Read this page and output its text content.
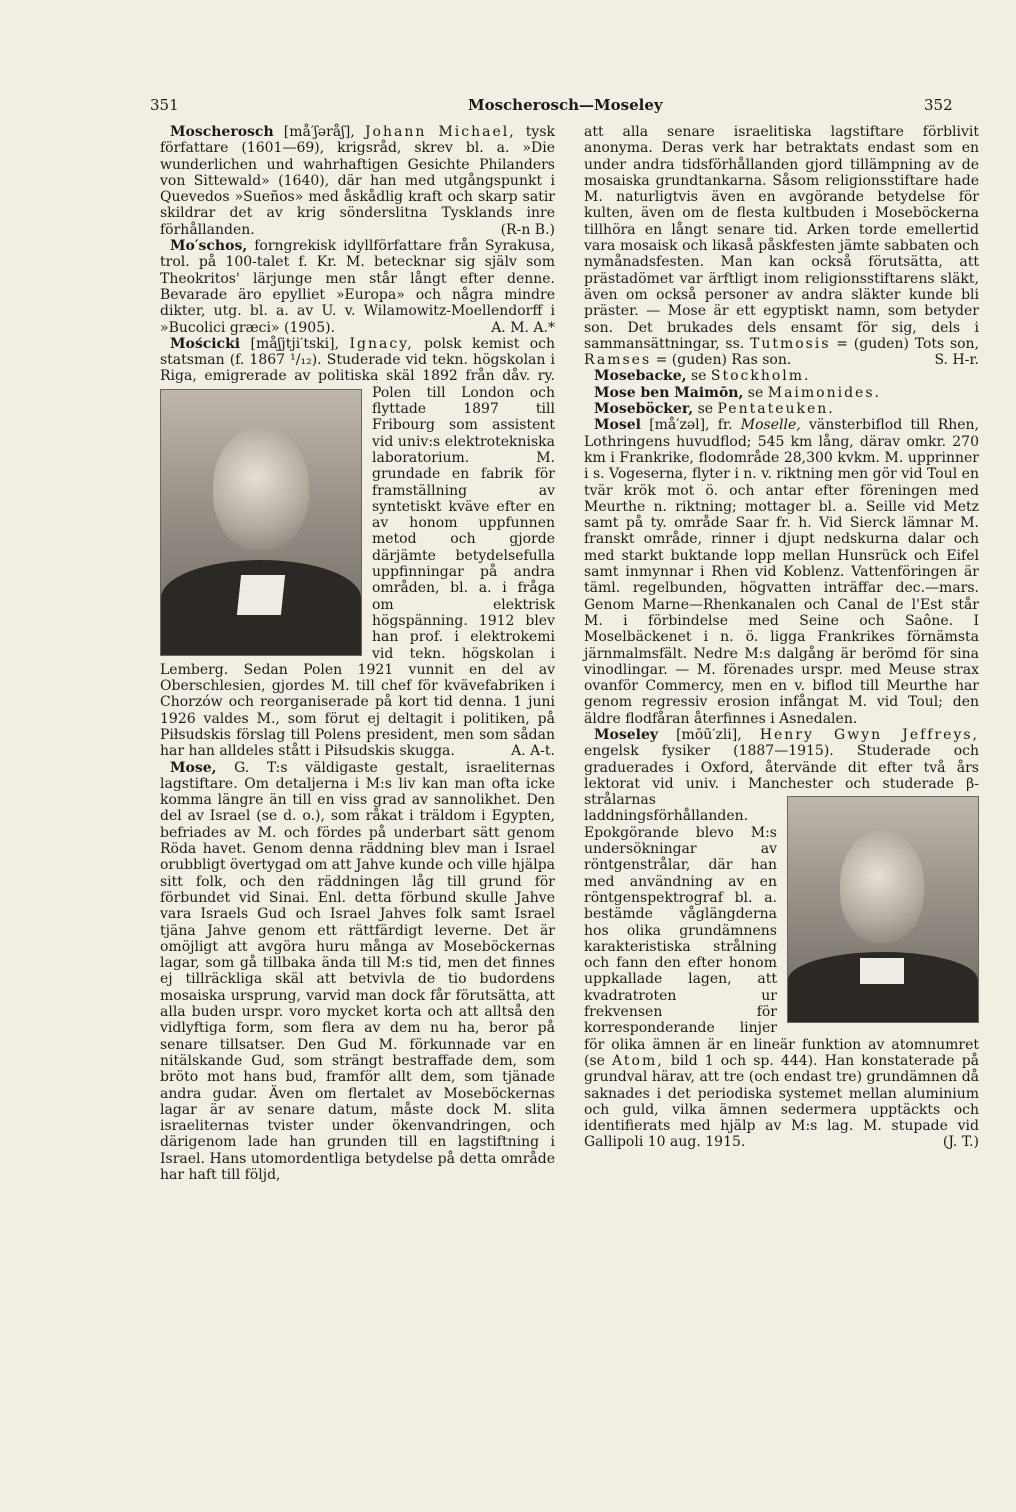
351	Moscherosch—Moseley	352

Moscherosch [må′ʃəråʃ], Johann Michael, tysk författare (1601—69), krigsråd, skrev bl. a. »Die wunderlichen und wahrhaftigen Gesichte Philanders von Sittewald» (1640), där han med utgångspunkt i Quevedos »Sueños» med åskådlig kraft och skarp satir skildrar det av krig sönderslitna Tysklands inre förhållanden.	(R-n B.)

Mo′schos, forngrekisk idyllförfattare från Syrakusa, trol. på 100-talet f. Kr. M. betecknar sig själv som Theokritos' lärjunge men står långt efter denne. Bevarade äro epylliet »Europa» och några mindre dikter, utg. bl. a. av U. v. Wilamowitz-Moellendorff i »Bucolici græci» (1905).	A. M. A.*

Mościcki [måʃjtji′tski], Ignacy, polsk kemist och statsman (f. 1867 ¹/₁₂). Studerade vid tekn. högskolan i Riga, emigrerade av politiska skäl 1892 från dåv. ry. Polen till London och flyttade 1897 till Fribourg som assistent vid univ:s elektrotekniska laboratorium. M. grundade en fabrik för framställning av syntetiskt kväve efter en av honom uppfunnen metod och gjorde därjämte betydelsefulla uppfinningar på andra områden, bl. a. i fråga om elektrisk högspänning. 1912 blev han prof. i elektrokemi vid tekn. högskolan i Lemberg. Sedan Polen 1921 vunnit en del av Oberschlesien, gjordes M. till chef för kvävefabriken i Chorzów och reorganiserade på kort tid denna. 1 juni 1926 valdes M., som förut ej deltagit i politiken, på Piłsudskis förslag till Polens president, men som sådan har han alldeles stått i Piłsudskis skugga.	A. A-t.

Mose, G. T:s väldigaste gestalt, israeliternas lagstiftare. Om detaljerna i M:s liv kan man ofta icke komma längre än till en viss grad av sannolikhet. Den del av Israel (se d. o.), som råkat i träldom i Egypten, befriades av M. och fördes på underbart sätt genom Röda havet. Genom denna räddning blev man i Israel orubbligt övertygad om att Jahve kunde och ville hjälpa sitt folk, och den räddningen låg till grund för förbundet vid Sinai. Enl. detta förbund skulle Jahve vara Israels Gud och Israel Jahves folk samt Israel tjäna Jahve genom ett rättfärdigt leverne. Det är omöjligt att avgöra huru många av Moseböckernas lagar, som gå tillbaka ända till M:s tid, men det finnes ej tillräckliga skäl att betvivla de tio budordens mosaiska ursprung, varvid man dock får förutsätta, att alla buden urspr. voro mycket korta och att alltså den vidlyftiga form, som flera av dem nu ha, beror på senare tillsatser. Den Gud M. förkunnade var en nitälskande Gud, som strängt bestraffade dem, som bröto mot hans bud, framför allt dem, som tjänade andra gudar. Även om flertalet av Moseböckernas lagar är av senare datum, måste dock M. slita israeliternas tvister under ökenvandringen, och därigenom lade han grunden till en lagstiftning i Israel. Hans utomordentliga betydelse på detta område har haft till följd,

att alla senare israelitiska lagstiftare förblivit anonyma. Deras verk har betraktats endast som en under andra tidsförhållanden gjord tillämpning av de mosaiska grundtankarna. Såsom religionsstiftare hade M. naturligtvis även en avgörande betydelse för kulten, även om de flesta kultbuden i Moseböckerna tillhöra en långt senare tid. Arken torde emellertid vara mosaisk och likaså påskfesten jämte sabbaten och nymånadsfesten. Man kan också förutsätta, att prästadömet var ärftligt inom religionsstiftarens släkt, även om också personer av andra släkter kunde bli präster. — Mose är ett egyptiskt namn, som betyder son. Det brukades dels ensamt för sig, dels i sammansättningar, ss. Tutmosis = (guden) Tots son, Ramses = (guden) Ras son.	S. H-r.

Mosebacke, se Stockholm.

Mose ben Maimōn, se Maimonides.

Moseböcker, se Pentateuken.

Mosel [må′zəl], fr. Moselle, vänsterbiflod till Rhen, Lothringens huvudflod; 545 km lång, därav omkr. 270 km i Frankrike, flodområde 28,300 kvkm. M. upprinner i s. Vogeserna, flyter i n. v. riktning men gör vid Toul en tvär krök mot ö. och antar efter föreningen med Meurthe n. riktning; mottager bl. a. Seille vid Metz samt på ty. område Saar fr. h. Vid Sierck lämnar M. franskt område, rinner i djupt nedskurna dalar och med starkt buktande lopp mellan Hunsrück och Eifel samt inmynnar i Rhen vid Koblenz. Vattenföringen är täml. regelbunden, högvatten inträffar dec.—mars. Genom Marne—Rhenkanalen och Canal de l'Est står M. i förbindelse med Seine och Saône. I Moselbäckenet i n. ö. ligga Frankrikes förnämsta järnmalmsfält. Nedre M:s dalgång är berömd för sina vinodlingar. — M. förenades urspr. med Meuse strax ovanför Commercy, men en v. biflod till Meurthe har genom regressiv erosion infångat M. vid Toul; den äldre flodfåran återfinnes i Asnedalen.

Moseley [mōū′zli], Henry Gwyn Jeffreys, engelsk fysiker (1887—1915). Studerade och graduerades i Oxford, återvände dit efter två års lektorat vid univ. i Manchester och studerade β-strålarnas laddningsförhållanden. Epokgörande blevo M:s undersökningar av röntgenstrålar, där han med användning av en röntgenspektrograf bl. a. bestämde våglängderna hos olika grundämnens karakteristiska strålning och fann den efter honom uppkallade lagen, att kvadratroten ur frekvensen för korresponderande linjer för olika ämnen är en lineär funktion av atomnumret (se Atom, bild 1 och sp. 444). Han konstaterade på grundval härav, att tre (och endast tre) grundämnen då saknades i det periodiska systemet mellan aluminium och guld, vilka ämnen sedermera upptäckts och identifierats med hjälp av M:s lag. M. stupade vid Gallipoli 10 aug. 1915.	(J. T.)
